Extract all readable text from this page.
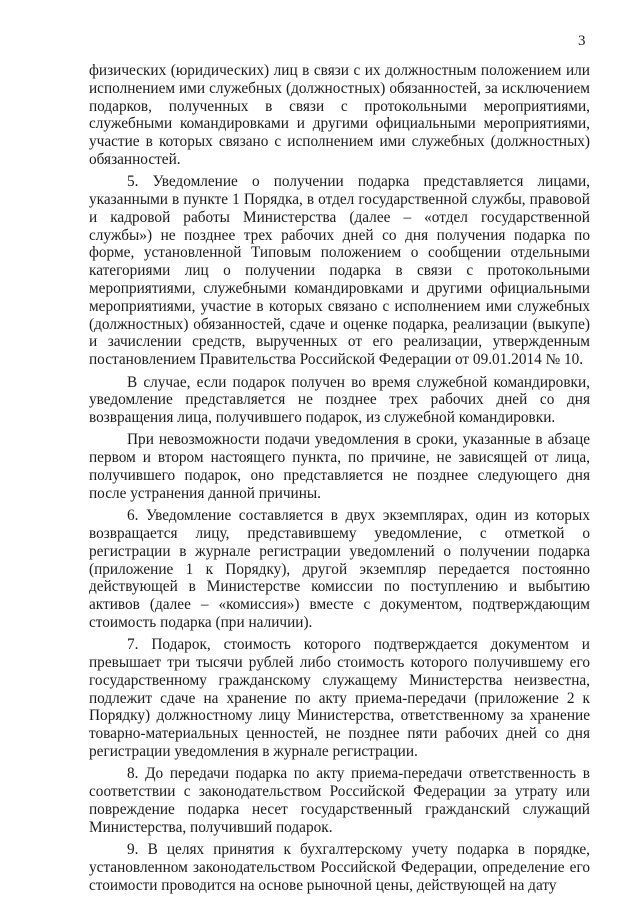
3

физических (юридических) лиц в связи с их должностным положением или исполнением ими служебных (должностных) обязанностей, за исключением подарков, полученных в связи с протокольными мероприятиями, служебными командировками и другими официальными мероприятиями, участие в которых связано с исполнением ими служебных (должностных) обязанностей.

5. Уведомление о получении подарка представляется лицами, указанными в пункте 1 Порядка, в отдел государственной службы, правовой и кадровой работы Министерства (далее – «отдел государственной службы») не позднее трех рабочих дней со дня получения подарка по форме, установленной Типовым положением о сообщении отдельными категориями лиц о получении подарка в связи с протокольными мероприятиями, служебными командировками и другими официальными мероприятиями, участие в которых связано с исполнением ими служебных (должностных) обязанностей, сдаче и оценке подарка, реализации (выкупе) и зачислении средств, вырученных от его реализации, утвержденным постановлением Правительства Российской Федерации от 09.01.2014 № 10.

В случае, если подарок получен во время служебной командировки, уведомление представляется не позднее трех рабочих дней со дня возвращения лица, получившего подарок, из служебной командировки.

При невозможности подачи уведомления в сроки, указанные в абзаце первом и втором настоящего пункта, по причине, не зависящей от лица, получившего подарок, оно представляется не позднее следующего дня после устранения данной причины.

6. Уведомление составляется в двух экземплярах, один из которых возвращается лицу, представившему уведомление, с отметкой о регистрации в журнале регистрации уведомлений о получении подарка (приложение 1 к Порядку), другой экземпляр передается постоянно действующей в Министерстве комиссии по поступлению и выбытию активов (далее – «комиссия») вместе с документом, подтверждающим стоимость подарка (при наличии).

7. Подарок, стоимость которого подтверждается документом и превышает три тысячи рублей либо стоимость которого получившему его государственному гражданскому служащему Министерства неизвестна, подлежит сдаче на хранение по акту приема-передачи (приложение 2 к Порядку) должностному лицу Министерства, ответственному за хранение товарно-материальных ценностей, не позднее пяти рабочих дней со дня регистрации уведомления в журнале регистрации.

8. До передачи подарка по акту приема-передачи ответственность в соответствии с законодательством Российской Федерации за утрату или повреждение подарка несет государственный гражданский служащий Министерства, получивший подарок.

9. В целях принятия к бухгалтерскому учету подарка в порядке, установленном законодательством Российской Федерации, определение его стоимости проводится на основе рыночной цены, действующей на дату
